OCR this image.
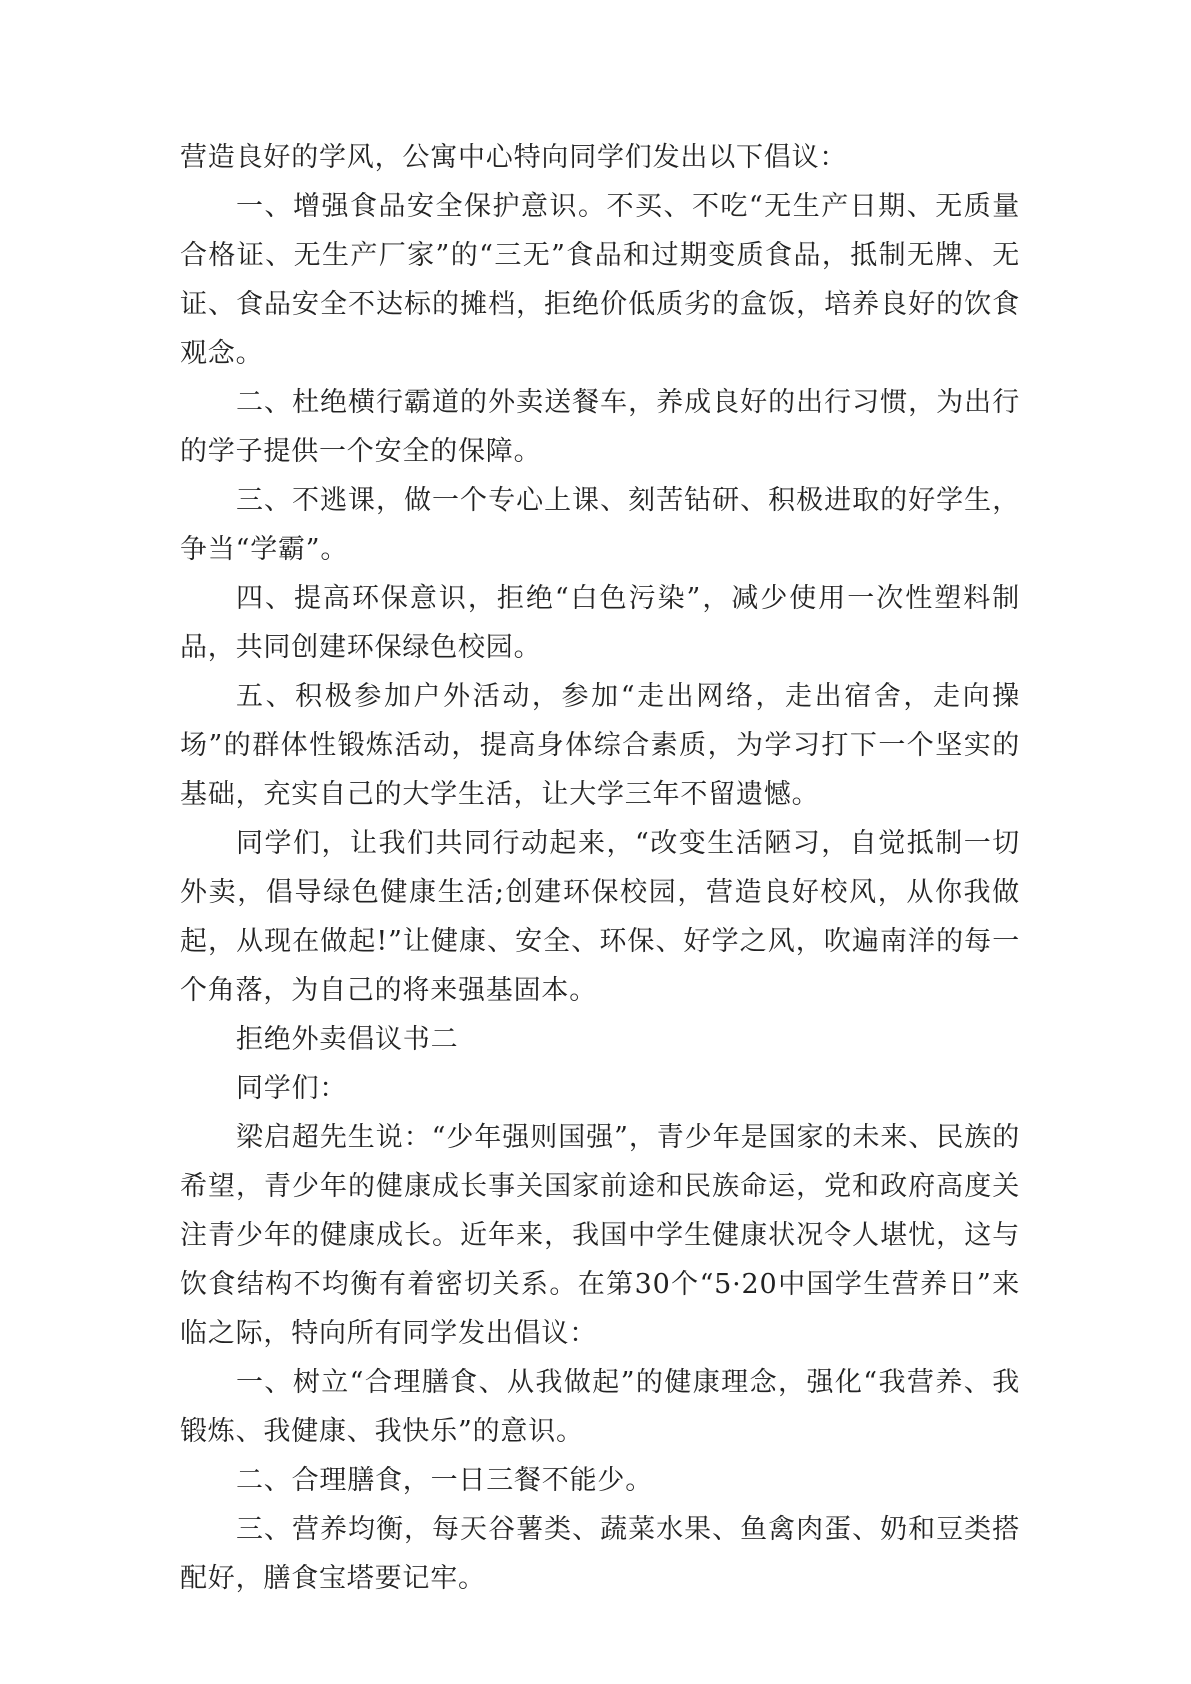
营造良好的学风，公寓中心特向同学们发出以下倡议：

一、增强食品安全保护意识。不买、不吃“无生产日期、无质量合格证、无生产厂家”的“三无”食品和过期变质食品，抵制无牌、无证、食品安全不达标的摊档，拒绝价低质劣的盒饭，培养良好的饮食观念。

二、杜绝横行霸道的外卖送餐车，养成良好的出行习惯，为出行的学子提供一个安全的保障。

三、不逃课，做一个专心上课、刻苦钻研、积极进取的好学生，争当“学霸”。

四、提高环保意识，拒绝“白色污染”，减少使用一次性塑料制品，共同创建环保绿色校园。

五、积极参加户外活动，参加“走出网络，走出宿舍，走向操场”的群体性锻炼活动，提高身体综合素质，为学习打下一个坚实的基础，充实自己的大学生活，让大学三年不留遗憾。

同学们，让我们共同行动起来，“改变生活陋习，自觉抵制一切外卖，倡导绿色健康生活;创建环保校园，营造良好校风，从你我做起，从现在做起!”让健康、安全、环保、好学之风，吹遍南洋的每一个角落，为自己的将来强基固本。

拒绝外卖倡议书二

同学们：

梁启超先生说：“少年强则国强”，青少年是国家的未来、民族的希望，青少年的健康成长事关国家前途和民族命运，党和政府高度关注青少年的健康成长。近年来，我国中学生健康状况令人堪忧，这与饮食结构不均衡有着密切关系。在第30个“5·20中国学生营养日”来临之际，特向所有同学发出倡议：

一、树立“合理膳食、从我做起”的健康理念，强化“我营养、我锻炼、我健康、我快乐”的意识。

二、合理膳食，一日三餐不能少。

三、营养均衡，每天谷薯类、蔬菜水果、鱼禽肉蛋、奶和豆类搭配好，膳食宝塔要记牢。
